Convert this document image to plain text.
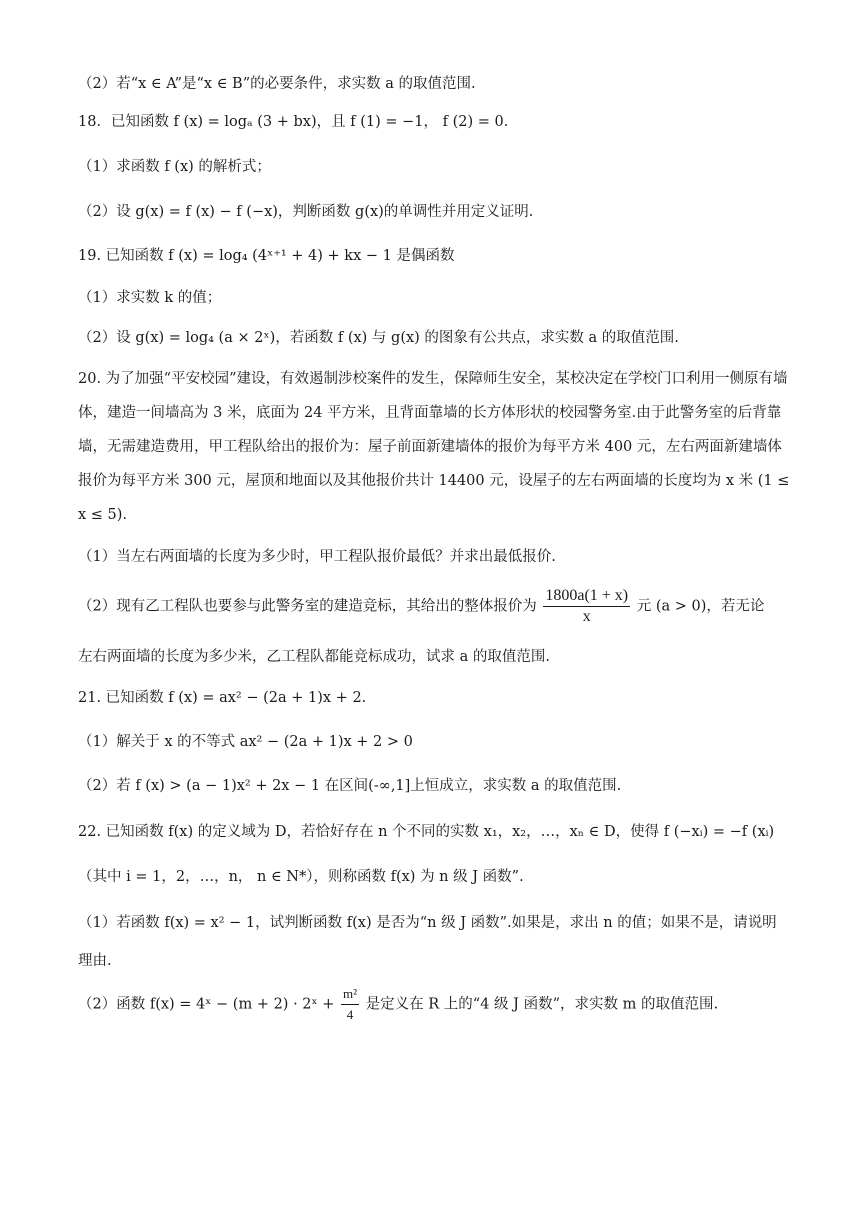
（2）若“x ∈ A”是“x ∈ B”的必要条件，求实数 a 的取值范围.
18．已知函数 f (x) = logₐ (3 + bx)，且 f (1) = −1， f (2) = 0.
（1）求函数 f (x) 的解析式；
（2）设 g(x) = f (x) − f (−x)，判断函数 g(x)的单调性并用定义证明.
19. 已知函数 f (x) = log₄ (4ˣ⁺¹ + 4) + kx − 1 是偶函数
（1）求实数 k 的值；
（2）设 g(x) = log₄ (a × 2ˣ)，若函数 f (x) 与 g(x) 的图象有公共点，求实数 a 的取值范围.
20. 为了加强“平安校园”建设，有效遏制涉校案件的发生，保障师生安全，某校决定在学校门口利用一侧原有墙体，建造一间墙高为 3 米，底面为 24 平方米，且背面靠墙的长方体形状的校园警务室.由于此警务室的后背靠墙，无需建造费用，甲工程队给出的报价为：屋子前面新建墙体的报价为每平方米 400 元，左右两面新建墙体报价为每平方米 300 元，屋顶和地面以及其他报价共计 14400 元，设屋子的左右两面墙的长度均为 x 米 (1 ≤ x ≤ 5).
（1）当左右两面墙的长度为多少时，甲工程队报价最低？并求出最低报价.
（2）现有乙工程队也要参与此警务室的建造竞标，其给出的整体报价为 $\frac{1800a(1 + x)}{x}$ 元 (a > 0)，若无论
左右两面墙的长度为多少米，乙工程队都能竞标成功，试求 a 的取值范围.
21. 已知函数 f (x) = ax² − (2a + 1)x + 2.
（1）解关于 x 的不等式 ax² − (2a + 1)x + 2 > 0
（2）若 f (x) > (a − 1)x² + 2x − 1 在区间(-∞,1]上恒成立，求实数 a 的取值范围.
22. 已知函数 f(x) 的定义域为 D，若恰好存在 n 个不同的实数 x₁，x₂，…，xₙ ∈ D，使得 f (−xᵢ) = −f (xᵢ)
（其中 i = 1，2，…，n， n ∈ N*），则称函数 f(x) 为 n 级 J 函数”.
（1）若函数 f(x) = x² − 1，试判断函数 f(x) 是否为“n 级 J 函数”.如果是，求出 n 的值；如果不是，请说明
理由.
（2）函数 f(x) = 4ˣ − (m + 2) · 2ˣ + $\frac{\text{m²}}{4}$ 是定义在 R 上的“4 级 J 函数”，求实数 m 的取值范围.
